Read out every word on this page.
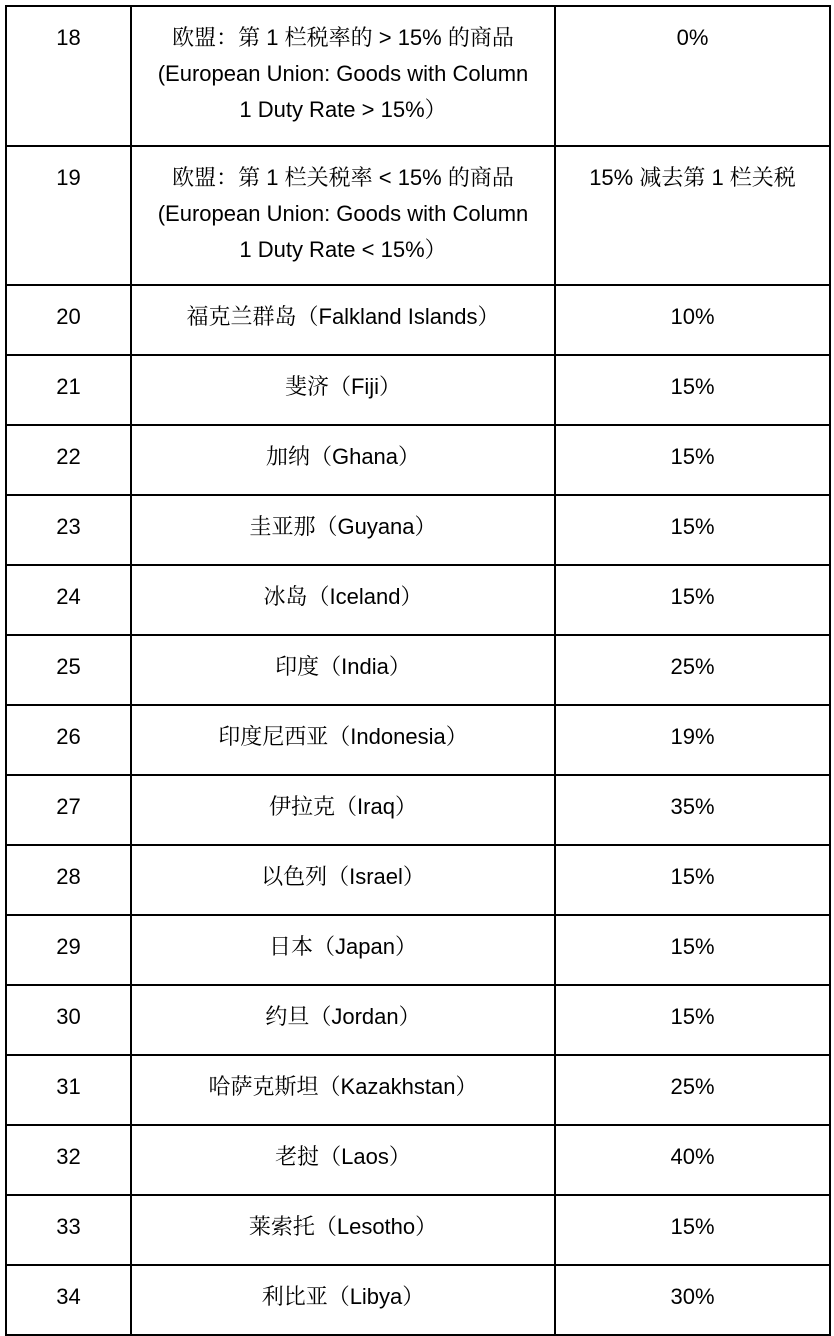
18	欧盟：第 1 栏税率的 > 15% 的商品
(European Union: Goods with Column
1 Duty Rate > 15%）	0%
19	欧盟：第 1 栏关税率 < 15% 的商品
(European Union: Goods with Column
1 Duty Rate < 15%）	15% 减去第 1 栏关税
20	福克兰群岛（Falkland Islands）	10%
21	斐济（Fiji）	15%
22	加纳（Ghana）	15%
23	圭亚那（Guyana）	15%
24	冰岛（Iceland）	15%
25	印度（India）	25%
26	印度尼西亚（Indonesia）	19%
27	伊拉克（Iraq）	35%
28	以色列（Israel）	15%
29	日本（Japan）	15%
30	约旦（Jordan）	15%
31	哈萨克斯坦（Kazakhstan）	25%
32	老挝（Laos）	40%
33	莱索托（Lesotho）	15%
34	利比亚（Libya）	30%
